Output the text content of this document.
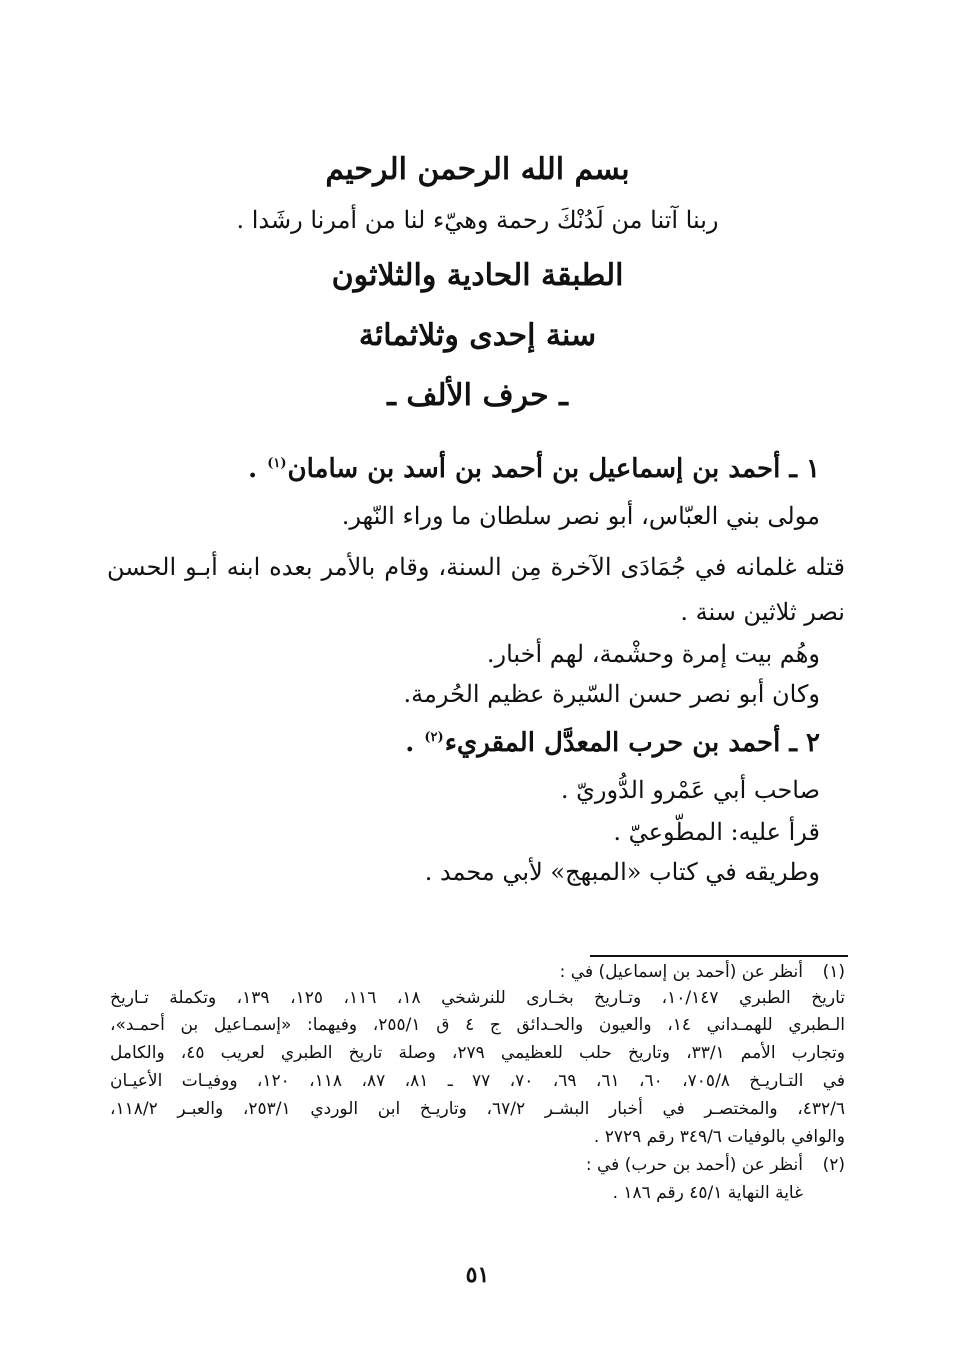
بسم الله الرحمن الرحيم
ربنا آتنا من لَدُنْكَ رحمة وهيّء لنا من أمرنا رشَدا .
الطبقة الحادية والثلاثون
سنة إحدى وثلاثمائة
ـ حرف الألف ـ
١ ـ أحمد بن إسماعيل بن أحمد بن أسد بن سامان$^{(١)}$ .
مولى بني العبّاس، أبو نصر سلطان ما وراء النّهر.
قتله غلمانه في جُمَادَى الآخرة مِن السنة، وقام بالأمر بعده ابنه أبـو الحسن
نصر ثلاثين سنة .
وهُم بيت إمرة وحشْمة، لهم أخبار.
وكان أبو نصر حسن السّيرة عظيم الحُرمة.
٢ ـ أحمد بن حرب المعدَّل المقريء$^{(٢)}$ .
صاحب أبي عَمْرو الدُّوريّ .
قرأ عليه: المطّوعيّ .
وطريقه في كتاب «المبهج» لأبي محمد .
(١)
أنظر عن (أحمد بن إسماعيل) في :
تاريخ الطبري ١٠/١٤٧، وتـاريخ بخـارى للنرشخي ١٨، ١١٦، ١٢٥، ١٣٩، وتكملة تـاريخ
الـطبري للهمـداني ١٤، والعيون والحـدائق ج ٤ ق ٢٥٥/١، وفيهما: «إسمـاعيل بن أحمـد»،
وتجارب الأمم ٣٣/١، وتاريخ حلب للعظيمي ٢٧٩، وصلة تاريخ الطبري لعريب ٤٥، والكامل
في التـاريـخ ٧٠٥/٨، ٦٠، ٦١، ٦٩، ٧٠، ٧٧ ـ ٨١، ٨٧، ١١٨، ١٢٠، ووفيـات الأعيـان
٤٣٢/٦، والمختصـر في أخبار البشـر ٦٧/٢، وتاريـخ ابن الوردي ٢٥٣/١، والعبـر ١١٨/٢،
والوافي بالوفيات ٣٤٩/٦ رقم ٢٧٢٩ .
(٢)
أنظر عن (أحمد بن حرب) في :
غاية النهاية ٤٥/١ رقم ١٨٦ .
٥١
